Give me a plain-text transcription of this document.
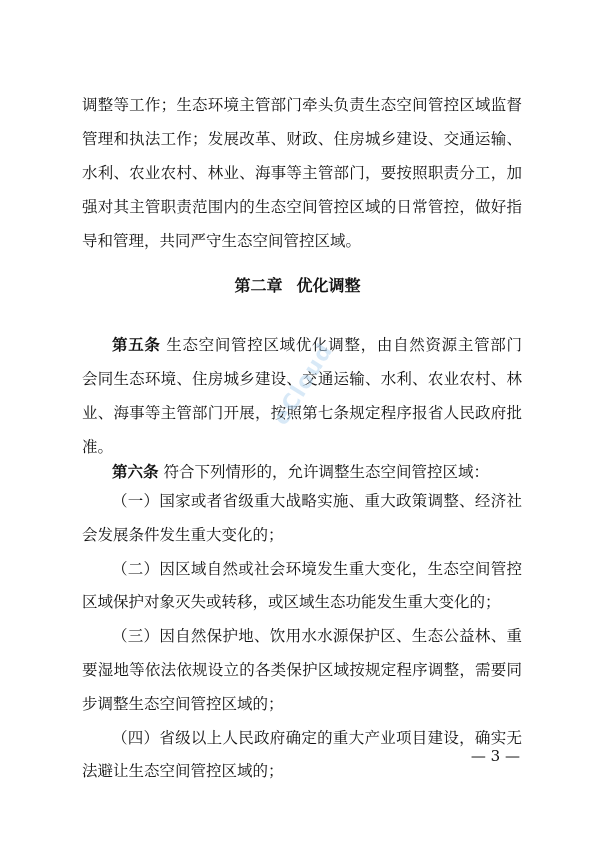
调整等工作；生态环境主管部门牵头负责生态空间管控区域监督
管理和执法工作；发展改革、财政、住房城乡建设、交通运输、
水利、农业农村、林业、海事等主管部门，要按照职责分工，加
强对其主管职责范围内的生态空间管控区域的日常管控，做好指
导和管理，共同严守生态空间管控区域。
第二章 优化调整
第五条 生态空间管控区域优化调整，由自然资源主管部门
会同生态环境、住房城乡建设、交通运输、水利、农业农村、林
业、海事等主管部门开展，按照第七条规定程序报省人民政府批
准。
第六条 符合下列情形的，允许调整生态空间管控区域：
（一）国家或者省级重大战略实施、重大政策调整、经济社
会发展条件发生重大变化的；
（二）因区域自然或社会环境发生重大变化，生态空间管控
区域保护对象灭失或转移，或区域生态功能发生重大变化的；
（三）因自然保护地、饮用水水源保护区、生态公益林、重
要湿地等依法依规设立的各类保护区域按规定程序调整，需要同
步调整生态空间管控区域的；
eCloud
— 3 —
（四）省级以上人民政府确定的重大产业项目建设，确实无
法避让生态空间管控区域的；
